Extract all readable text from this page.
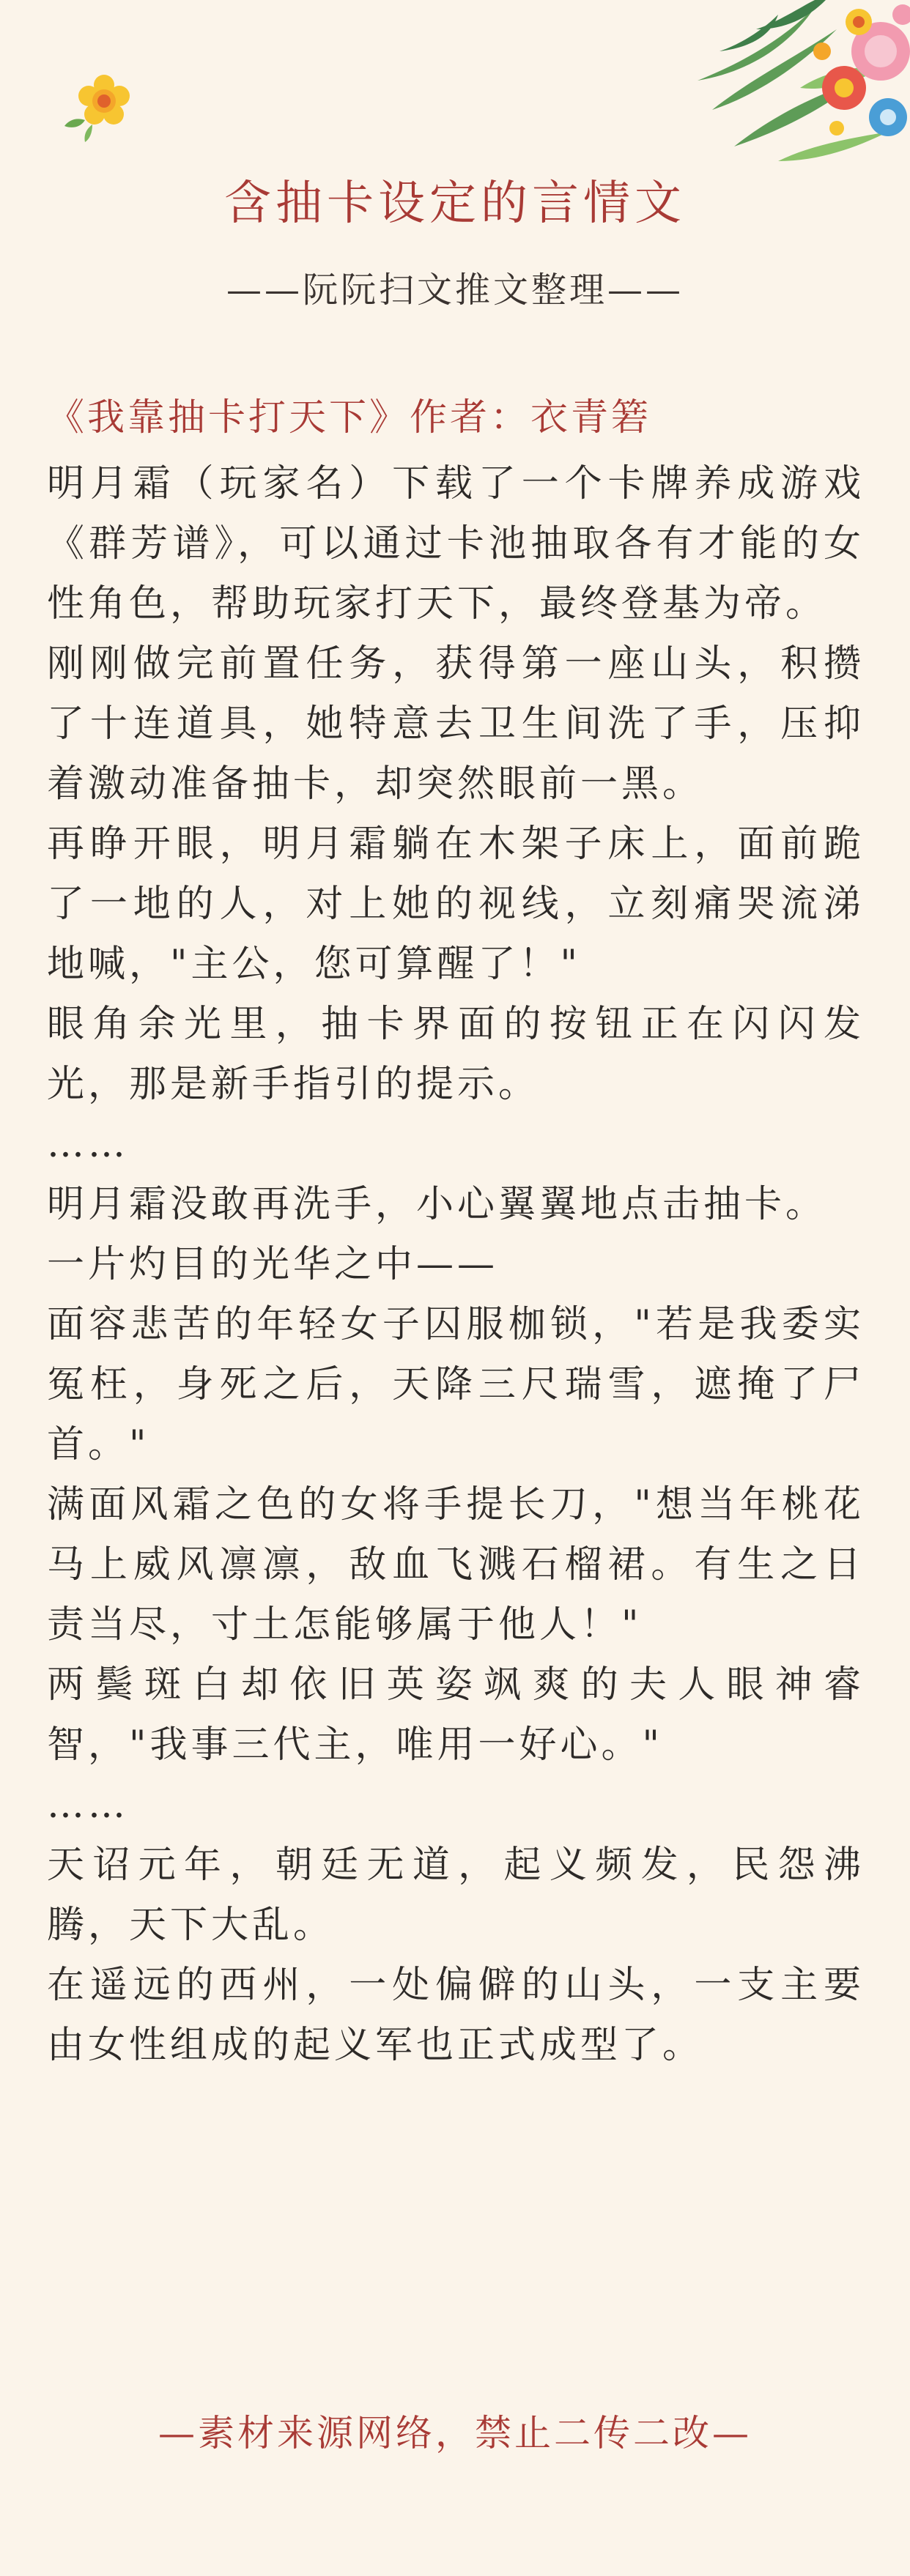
含抽卡设定的言情文
——阮阮扫文推文整理——
《我靠抽卡打天下》作者：衣青箬

明月霜（玩家名）下载了一个卡牌养成游戏《群芳谱》，可以通过卡池抽取各有才能的女性角色，帮助玩家打天下，最终登基为帝。

刚刚做完前置任务，获得第一座山头，积攒了十连道具，她特意去卫生间洗了手，压抑着激动准备抽卡，却突然眼前一黑。

再睁开眼，明月霜躺在木架子床上，面前跪了一地的人，对上她的视线，立刻痛哭流涕地喊，"主公，您可算醒了！"

眼角余光里，抽卡界面的按钮正在闪闪发光，那是新手指引的提示。

……

明月霜没敢再洗手，小心翼翼地点击抽卡。

一片灼目的光华之中——

面容悲苦的年轻女子囚服枷锁，"若是我委实冤枉，身死之后，天降三尺瑞雪，遮掩了尸首。"

满面风霜之色的女将手提长刀，"想当年桃花马上威风凛凛，敌血飞溅石榴裙。有生之日责当尽，寸土怎能够属于他人！"

两鬓斑白却依旧英姿飒爽的夫人眼神睿智，"我事三代主，唯用一好心。"

……

天诏元年，朝廷无道，起义频发，民怨沸腾，天下大乱。

在遥远的西州，一处偏僻的山头，一支主要由女性组成的起义军也正式成型了。

—素材来源网络，禁止二传二改—
